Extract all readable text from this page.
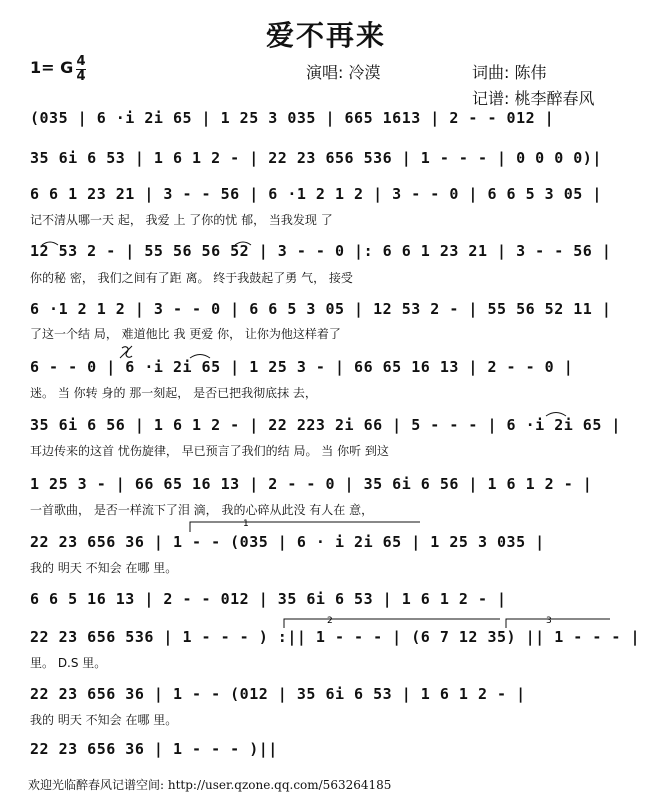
爱不再来
1= G 4
4	演唱: 冷漠	词曲: 陈伟
记谱: 桃李醉春风
(035 | 6 ·i 2i 65 | 1 25 3 035 | 665 1613 | 2 - - 012 |
35 6i 6 53 | 1 6 1 2 - | 22 23 656 536 | 1 - - - | 0 0 0 0)|
6 6 1 23 21 | 3 - - 56 | 6 ·1 2 1 2 | 3 - - 0 | 6 6 5 3 05 |
记不清从哪一天 起， 我爱 上 了你的忧 郁， 当我发现 了
12 53 2 - | 55 56 56 52 | 3 - - 0 |: 6 6 1 23 21 | 3 - - 56 |
你的秘 密， 我们之间有了距 离。 终于我鼓起了勇 气， 接受
6 ·1 2 1 2 | 3 - - 0 | 6 6 5 3 05 | 12 53 2 - | 55 56 52 11 |
了这一个结 局， 难道他比 我 更爱 你， 让你为他这样着了
6 - - 0 | 6 ·i 2i 65 | 1 25 3 - | 66 65 16 13 | 2 - - 0 |
迷。 当 你转 身的 那一刻起， 是否已把我彻底抹 去，
35 6i 6 56 | 1 6 1 2 - | 22 223 2i 66 | 5 - - - | 6 ·i 2i 65 |
耳边传来的这首 忧伤旋律， 早已预言了我们的结 局。 当 你听 到这
1 25 3 - | 66 65 16 13 | 2 - - 0 | 35 6i 6 56 | 1 6 1 2 - |
一首歌曲， 是否一样流下了泪 滴， 我的心碎从此没 有人在 意，
22 23 656 36 | 1 - - (035 | 6 · i 2i 65 | 1 25 3 035 |
我的 明天 不知会 在哪 里。
6 6 5 16 13 | 2 - - 012 | 35 6i 6 53 | 1 6 1 2 - |
22 23 656 536 | 1 - - - ) :|| 1 - - - | (6 7 12 35) || 1 - - - |
里。 D.S 里。
22 23 656 36 | 1 - - (012 | 35 6i 6 53 | 1 6 1 2 - |
我的 明天 不知会 在哪 里。
22 23 656 36 | 1 - - - )||
1
2	3
欢迎光临醉春风记谱空间: http://user.qzone.qq.com/563264185
